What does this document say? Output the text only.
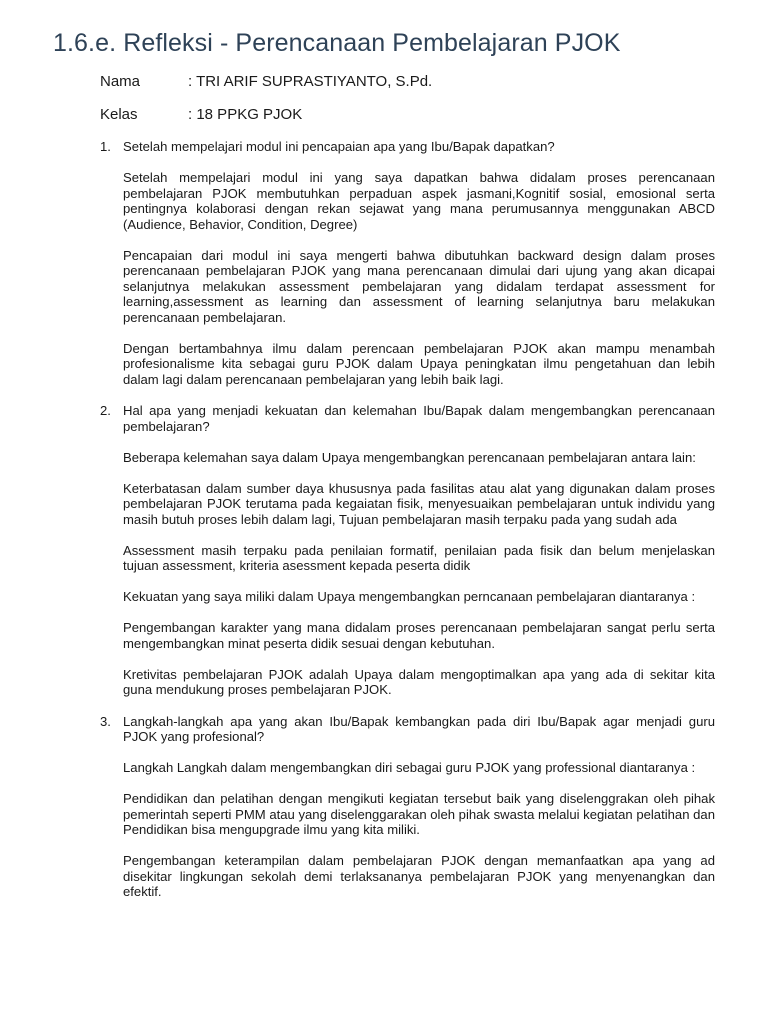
1.6.e. Refleksi - Perencanaan Pembelajaran PJOK
Nama	: TRI ARIF SUPRASTIYANTO, S.Pd.
Kelas	: 18 PPKG PJOK
1. Setelah mempelajari modul ini pencapaian apa yang Ibu/Bapak dapatkan?

Setelah mempelajari modul ini yang saya dapatkan bahwa didalam proses perencanaan pembelajaran PJOK membutuhkan perpaduan aspek jasmani,Kognitif sosial, emosional serta pentingnya kolaborasi dengan rekan sejawat yang mana perumusannya menggunakan ABCD (Audience, Behavior, Condition, Degree)

Pencapaian dari modul ini saya mengerti bahwa dibutuhkan backward design dalam proses perencanaan pembelajaran PJOK yang mana perencanaan dimulai dari ujung yang akan dicapai selanjutnya melakukan assessment pembelajaran yang didalam terdapat assessment for learning,assessment as learning dan assessment of learning selanjutnya baru melakukan perencanaan pembelajaran.

Dengan bertambahnya ilmu dalam perencaan pembelajaran PJOK akan mampu menambah profesionalisme kita sebagai guru PJOK dalam Upaya peningkatan ilmu pengetahuan dan lebih dalam lagi dalam perencanaan pembelajaran yang lebih baik lagi.

2. Hal apa yang menjadi kekuatan dan kelemahan Ibu/Bapak dalam mengembangkan perencanaan pembelajaran?

Beberapa kelemahan saya dalam Upaya mengembangkan perencanaan pembelajaran antara lain:

Keterbatasan dalam sumber daya khususnya pada fasilitas atau alat yang digunakan dalam proses pembelajaran PJOK terutama pada kegaiatan fisik, menyesuaikan pembelajaran untuk individu yang masih butuh proses lebih dalam lagi, Tujuan pembelajaran masih terpaku pada yang sudah ada

Assessment masih terpaku pada penilaian formatif, penilaian pada fisik dan belum menjelaskan tujuan assessment, kriteria asessment kepada peserta didik

Kekuatan yang saya miliki dalam Upaya mengembangkan perncanaan pembelajaran diantaranya :

Pengembangan karakter yang mana didalam proses perencanaan pembelajaran sangat perlu serta mengembangkan minat peserta didik sesuai dengan kebutuhan.

Kretivitas pembelajaran PJOK adalah Upaya dalam mengoptimalkan apa yang ada di sekitar kita guna mendukung proses pembelajaran PJOK.

3. Langkah-langkah apa yang akan Ibu/Bapak kembangkan pada diri Ibu/Bapak agar menjadi guru PJOK yang profesional?

Langkah Langkah dalam mengembangkan diri sebagai guru PJOK yang professional diantaranya :

Pendidikan dan pelatihan dengan mengikuti kegiatan tersebut baik yang diselenggrakan oleh pihak pemerintah seperti PMM atau yang diselenggarakan oleh pihak swasta melalui kegiatan pelatihan dan Pendidikan bisa mengupgrade ilmu yang kita miliki.

Pengembangan keterampilan dalam pembelajaran PJOK dengan memanfaatkan apa yang ad disekitar lingkungan sekolah demi terlaksananya pembelajaran PJOK yang menyenangkan dan efektif.
